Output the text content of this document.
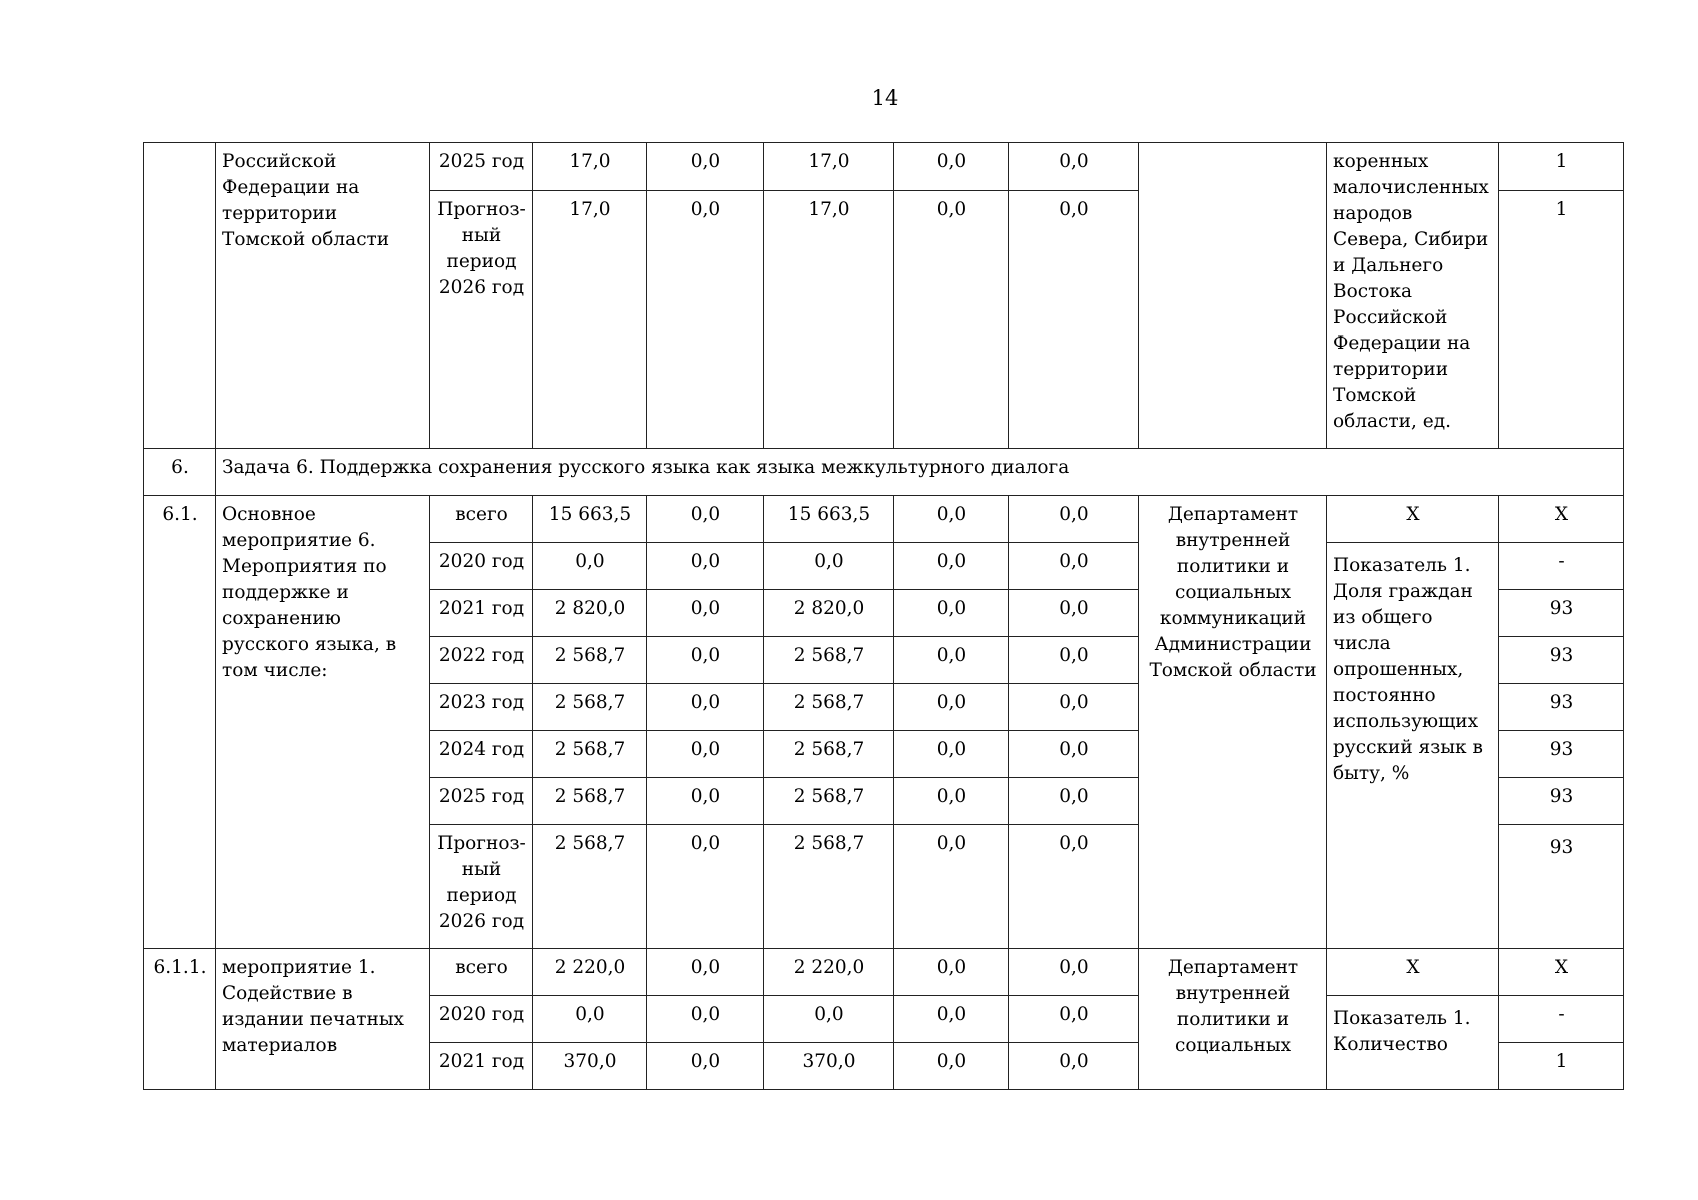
14
	Российской Федерации на территории Томской области	2025 год	17,0	0,0	17,0	0,0	0,0		коренных малочисленных народов Севера, Сибири и Дальнего Востока Российской Федерации на территории Томской области, ед.	1
		Прогноз-ный период 2026 год	17,0	0,0	17,0	0,0	0,0			1
6.	Задача 6. Поддержка сохранения русского языка как языка межкультурного диалога									
6.1.	Основное мероприятие 6. Мероприятия по поддержке и сохранению русского языка, в том числе:	всего	15 663,5	0,0	15 663,5	0,0	0,0	Департамент внутренней политики и социальных коммуникаций Администрации Томской области	Х	Х
		2020 год	0,0	0,0	0,0	0,0	0,0		Показатель 1. Доля граждан из общего числа опрошенных, постоянно использующих русский язык в быту, %	-
		2021 год	2 820,0	0,0	2 820,0	0,0	0,0			93
		2022 год	2 568,7	0,0	2 568,7	0,0	0,0			93
		2023 год	2 568,7	0,0	2 568,7	0,0	0,0			93
		2024 год	2 568,7	0,0	2 568,7	0,0	0,0			93
		2025 год	2 568,7	0,0	2 568,7	0,0	0,0			93
		Прогноз-ный период 2026 год	2 568,7	0,0	2 568,7	0,0	0,0			93
6.1.1.	мероприятие 1. Содействие в издании печатных материалов	всего	2 220,0	0,0	2 220,0	0,0	0,0	Департамент внутренней политики и социальных	Х	Х
		2020 год	0,0	0,0	0,0	0,0	0,0		Показатель 1. Количество	-
		2021 год	370,0	0,0	370,0	0,0	0,0			1
